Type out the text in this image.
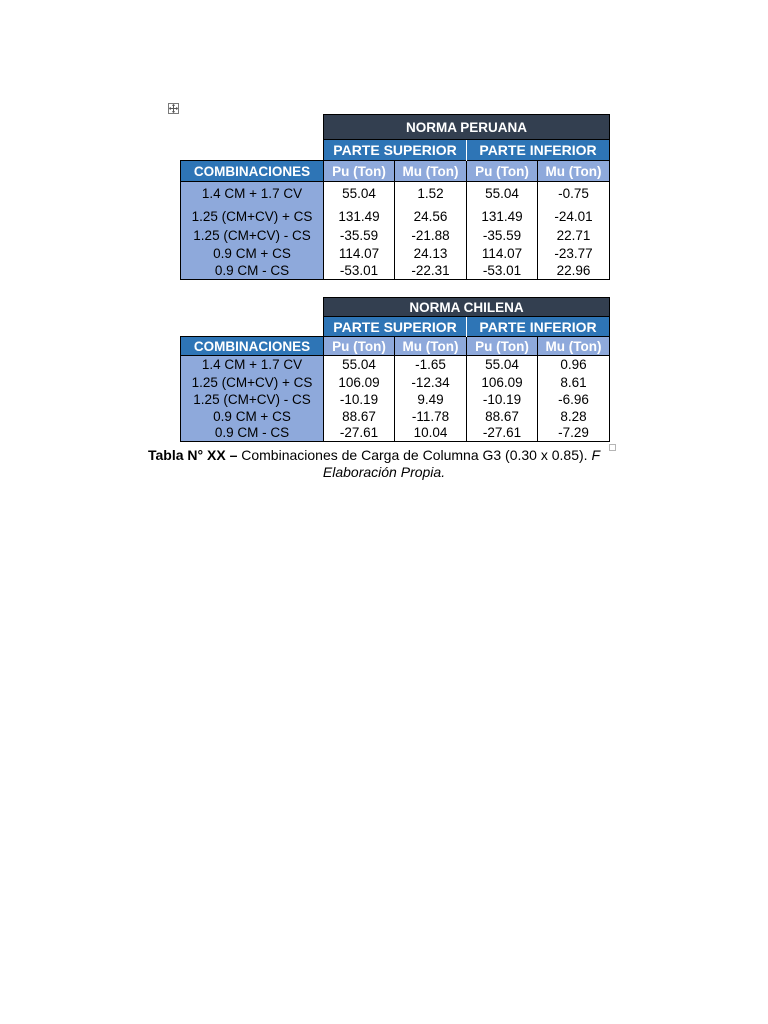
	NORMA PERUANA			
	PARTE SUPERIOR		PARTE INFERIOR	
COMBINACIONES	Pu (Ton)	Mu (Ton)	Pu (Ton)	Mu (Ton)
1.4 CM + 1.7 CV	55.04	1.52	55.04	-0.75
1.25 (CM+CV) + CS	131.49	24.56	131.49	-24.01
1.25 (CM+CV) - CS	-35.59	-21.88	-35.59	22.71
0.9 CM + CS	114.07	24.13	114.07	-23.77
0.9 CM - CS	-53.01	-22.31	-53.01	22.96
	NORMA CHILENA			
	PARTE SUPERIOR		PARTE INFERIOR	
COMBINACIONES	Pu (Ton)	Mu (Ton)	Pu (Ton)	Mu (Ton)
1.4 CM + 1.7 CV	55.04	-1.65	55.04	0.96
1.25 (CM+CV) + CS	106.09	-12.34	106.09	8.61
1.25 (CM+CV) - CS	-10.19	9.49	-10.19	-6.96
0.9 CM + CS	88.67	-11.78	88.67	8.28
0.9 CM - CS	-27.61	10.04	-27.61	-7.29
Tabla N° XX – Combinaciones de Carga de Columna G3 (0.30 x 0.85). F
Elaboración Propia.
